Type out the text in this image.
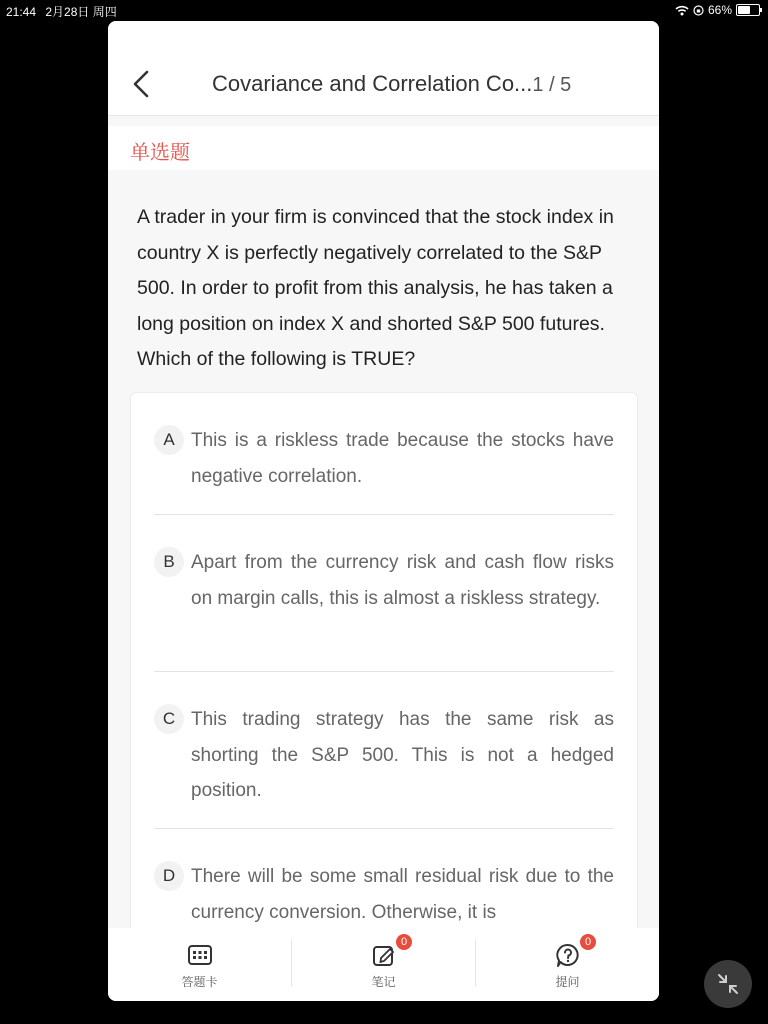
21:44 2月28日 周四	66%
Covariance and Correlation Co...1 / 5
单选题
A trader in your firm is convinced that the stock index in country X is perfectly negatively correlated to the S&P 500. In order to profit from this analysis, he has taken a long position on index X and shorted S&P 500 futures. Which of the following is TRUE?
A This is a riskless trade because the stocks have negative correlation.
B Apart from the currency risk and cash flow risks on margin calls, this is almost a riskless strategy.
C This trading strategy has the same risk as shorting the S&P 500. This is not a hedged position.
D There will be some small residual risk due to the currency conversion. Otherwise, it is
答题卡
0
笔记
0
提问
